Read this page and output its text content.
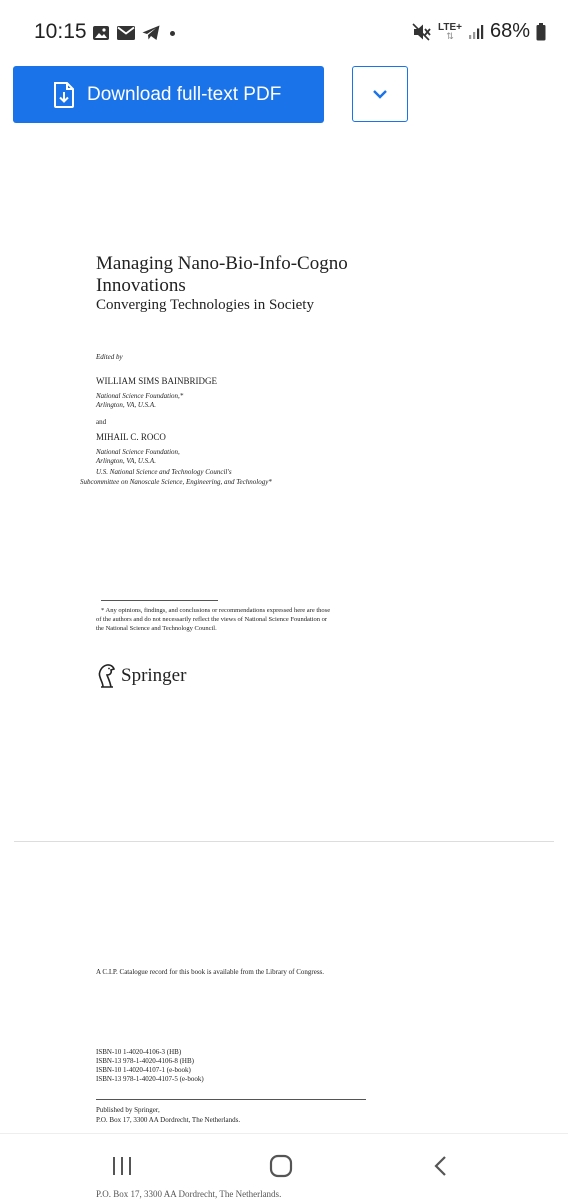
10:15	LTE+
⇅ 68%
Download full-text PDF
Managing Nano-Bio-Info-Cogno
Innovations
Converging Technologies in Society
Edited by
WILLIAM SIMS BAINBRIDGE
National Science Foundation,*
Arlington, VA, U.S.A.
and
MIHAIL C. ROCO
National Science Foundation,
Arlington, VA, U.S.A.
U.S. National Science and Technology Council's
Subcommittee on Nanoscale Science, Engineering, and Technology*
* Any opinions, findings, and conclusions or recommendations expressed here are those
of the authors and do not necessarily reflect the views of National Science Foundation or
the National Science and Technology Council.
Springer
A C.I.P. Catalogue record for this book is available from the Library of Congress.
ISBN-10 1-4020-4106-3 (HB)
ISBN-13 978-1-4020-4106-8 (HB)
ISBN-10 1-4020-4107-1 (e-book)
ISBN-13 978-1-4020-4107-5 (e-book)
Published by Springer,
P.O. Box 17, 3300 AA Dordrecht, The Netherlands.
P.O. Box 17, 3300 AA Dordrecht, The Netherlands.
